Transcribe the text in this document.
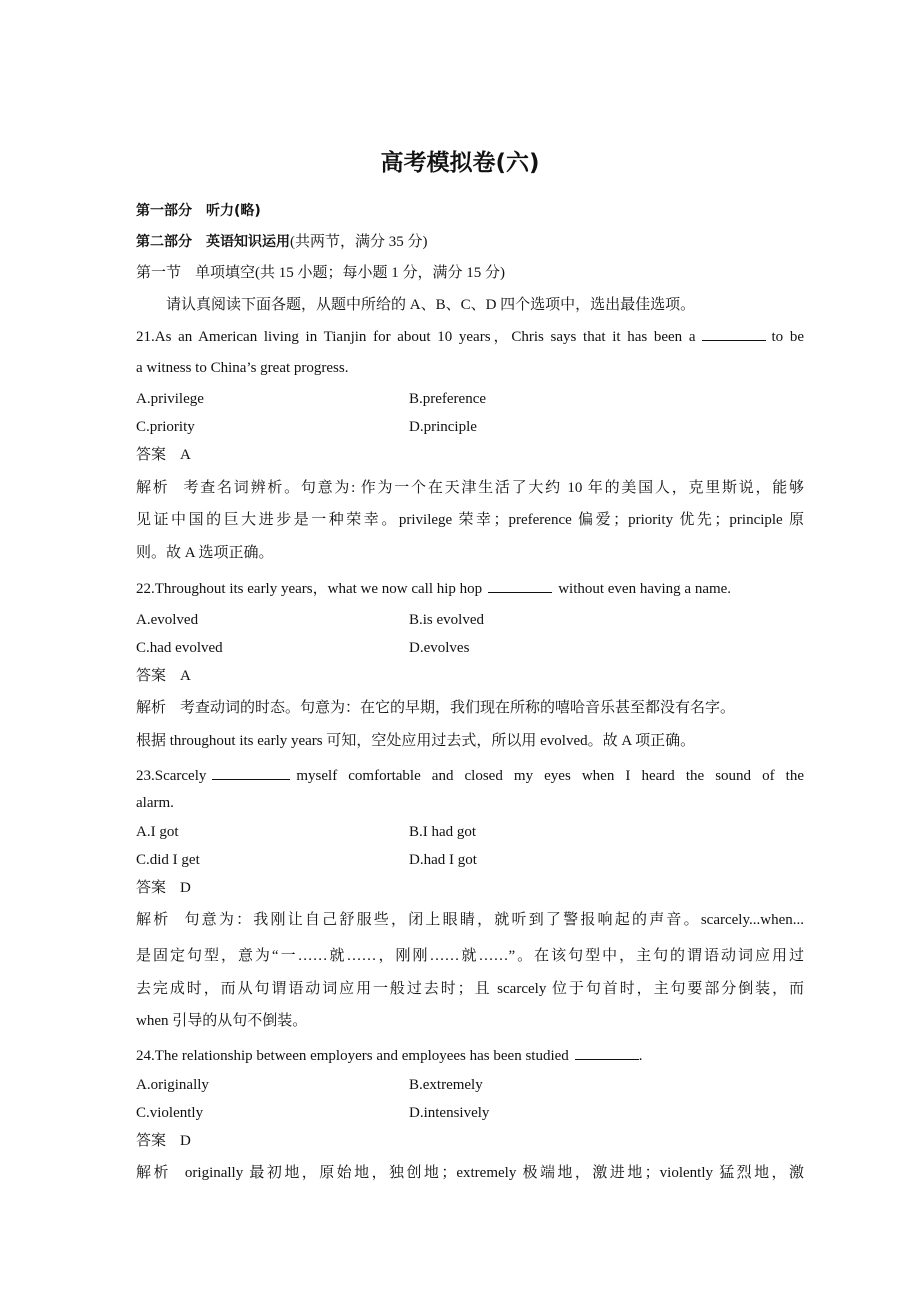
高考模拟卷(六)
第一部分 听力(略)
第二部分 英语知识运用(共两节，满分 35 分)
第一节 单项填空(共 15 小题；每小题 1 分，满分 15 分)
请认真阅读下面各题，从题中所给的 A、B、C、D 四个选项中，选出最佳选项。
21.As an American living in Tianjin for about 10 years，Chris says that it has been a	to be
a witness to China’s great progress.
A.privilege	B.preference
C.priority	D.principle
答案 A
解析 考查名词辨析。句意为: 作为一个在天津生活了大约 10 年的美国人，克里斯说，能够
见证中国的巨大进步是一种荣幸。privilege 荣幸；preference 偏爱；priority 优先；principle 原
则。故 A 选项正确。
22.Throughout its early years，what we now call hip hop	without even having a name.
A.evolved	B.is evolved
C.had evolved	D.evolves
答案 A
解析 考查动词的时态。句意为：在它的早期，我们现在所称的嘻哈音乐甚至都没有名字。
根据 throughout its early years 可知，空处应用过去式，所以用 evolved。故 A 项正确。
23.Scarcely	myself comfortable and closed my eyes when I heard the sound of the
alarm.
A.I got	B.I had got
C.did I get	D.had I got
答案 D
解析 句意为：我刚让自己舒服些，闭上眼睛，就听到了警报响起的声音。scarcely...when...
是固定句型，意为“一……就……，刚刚……就……”。在该句型中，主句的谓语动词应用过
去完成时，而从句谓语动词应用一般过去时；且 scarcely 位于句首时，主句要部分倒装，而
when 引导的从句不倒装。
24.The relationship between employers and employees has been studied	.
A.originally	B.extremely
C.violently	D.intensively
答案 D
解析 originally 最初地，原始地，独创地；extremely 极端地，激进地；violently 猛烈地，激
